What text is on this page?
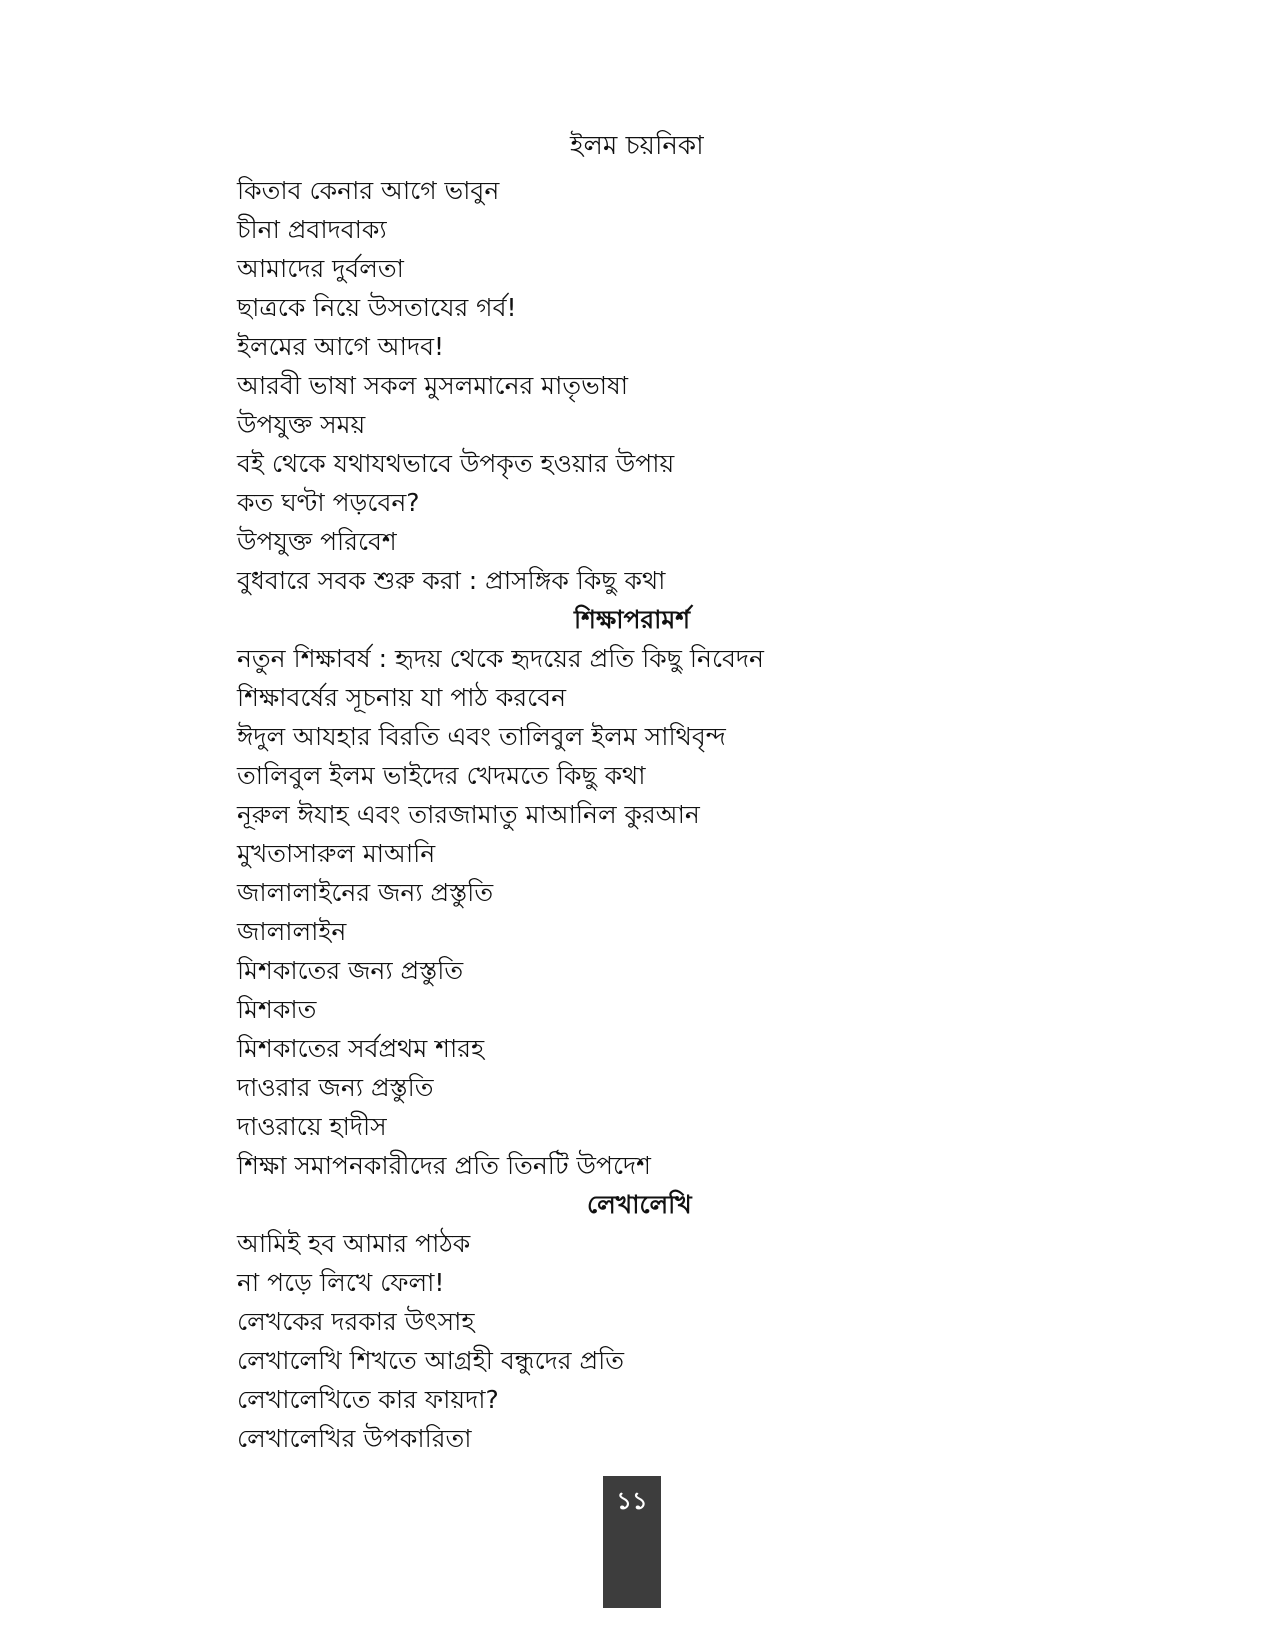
ইলম চয়নিকা
কিতাব কেনার আগে ভাবুন
চীনা প্রবাদবাক্য
আমাদের দুর্বলতা
ছাত্রকে নিয়ে উসতাযের গর্ব!
ইলমের আগে আদব!
আরবী ভাষা সকল মুসলমানের মাতৃভাষা
উপযুক্ত সময়
বই থেকে যথাযথভাবে উপকৃত হওয়ার উপায়
কত ঘণ্টা পড়বেন?
উপযুক্ত পরিবেশ
বুধবারে সবক শুরু করা : প্রাসঙ্গিক কিছু কথা
শিক্ষাপরামর্শ
নতুন শিক্ষাবর্ষ : হৃদয় থেকে হৃদয়ের প্রতি কিছু নিবেদন
শিক্ষাবর্ষের সূচনায় যা পাঠ করবেন
ঈদুল আযহার বিরতি এবং তালিবুল ইলম সাথিবৃন্দ
তালিবুল ইলম ভাইদের খেদমতে কিছু কথা
নূরুল ঈযাহ এবং তারজামাতু মাআনিল কুরআন
মুখতাসারুল মাআনি
জালালাইনের জন্য প্রস্তুতি
জালালাইন
মিশকাতের জন্য প্রস্তুতি
মিশকাত
মিশকাতের সর্বপ্রথম শারহ
দাওরার জন্য প্রস্তুতি
দাওরায়ে হাদীস
শিক্ষা সমাপনকারীদের প্রতি তিনটি উপদেশ
লেখালেখি
আমিই হব আমার পাঠক
না পড়ে লিখে ফেলা!
লেখকের দরকার উৎসাহ
লেখালেখি শিখতে আগ্রহী বন্ধুদের প্রতি
লেখালেখিতে কার ফায়দা?
লেখালেখির উপকারিতা
১১
